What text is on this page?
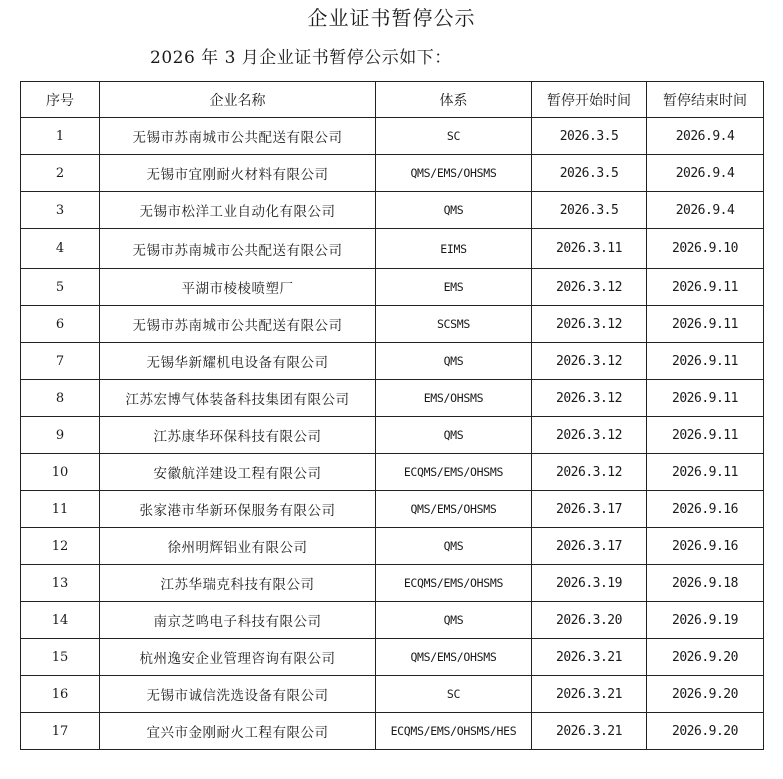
企业证书暂停公示
2026 年 3 月企业证书暂停公示如下：
序号	企业名称	体系	暂停开始时间	暂停结束时间
1	无锡市苏南城市公共配送有限公司	SC	2026.3.5	2026.9.4
2	无锡市宜刚耐火材料有限公司	QMS/EMS/OHSMS	2026.3.5	2026.9.4
3	无锡市松洋工业自动化有限公司	QMS	2026.3.5	2026.9.4
4	无锡市苏南城市公共配送有限公司	EIMS	2026.3.11	2026.9.10
5	平湖市棱棱喷塑厂	EMS	2026.3.12	2026.9.11
6	无锡市苏南城市公共配送有限公司	SCSMS	2026.3.12	2026.9.11
7	无锡华新耀机电设备有限公司	QMS	2026.3.12	2026.9.11
8	江苏宏博气体装备科技集团有限公司	EMS/OHSMS	2026.3.12	2026.9.11
9	江苏康华环保科技有限公司	QMS	2026.3.12	2026.9.11
10	安徽航洋建设工程有限公司	ECQMS/EMS/OHSMS	2026.3.12	2026.9.11
11	张家港市华新环保服务有限公司	QMS/EMS/OHSMS	2026.3.17	2026.9.16
12	徐州明辉铝业有限公司	QMS	2026.3.17	2026.9.16
13	江苏华瑞克科技有限公司	ECQMS/EMS/OHSMS	2026.3.19	2026.9.18
14	南京芝鸣电子科技有限公司	QMS	2026.3.20	2026.9.19
15	杭州逸安企业管理咨询有限公司	QMS/EMS/OHSMS	2026.3.21	2026.9.20
16	无锡市诚信洗选设备有限公司	SC	2026.3.21	2026.9.20
17	宜兴市金刚耐火工程有限公司	ECQMS/EMS/OHSMS/HES	2026.3.21	2026.9.20
